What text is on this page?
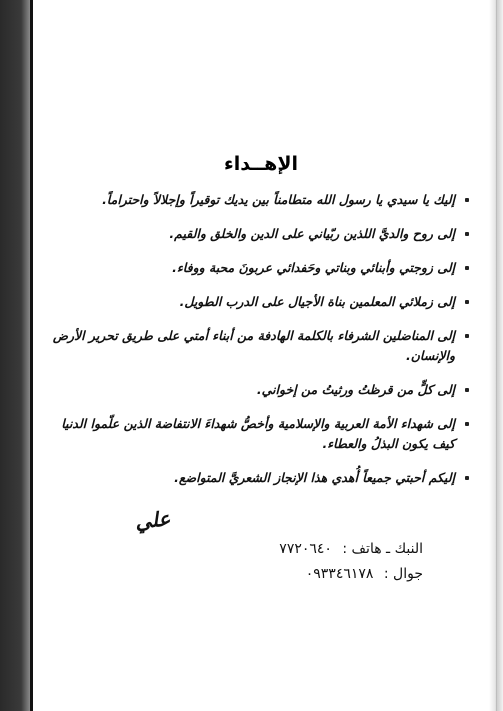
الإهــداء
إليك يا سيدي يا رسول الله متطامناً بين يديك توقيراً وإجلالاً واحتراماً.
إلى روح والديَّ اللذين ربّياني على الدين والخلق والقيم.
إلى زوجتي وأبنائي وبناتي وحَفدائي عربونَ محبة ووفاء.
إلى زملائي المعلمين بناة الأجيال على الدرب الطويل.
إلى المناضلين الشرفاء بالكلمة الهادفة من أبناء أمتي على طريق تحرير الأرض والإنسان.
إلى كلٍّ من قرظتُ ورثيتُ من إخواني.
إلى شهداء الأمة العربية والإسلامية وأخصُّ شهداءَ الانتفاضة الذين علّموا الدنيا كيف يكون البذلُ والعطاء.
إليكم أحبتي جميعاً أُهدي هذا الإنجاز الشعريَّ المتواضع.
علي
النبك ـ هاتف : ٧٧٢٠٦٤٠
جوال : ٠٩٣٣٤٦١٧٨
